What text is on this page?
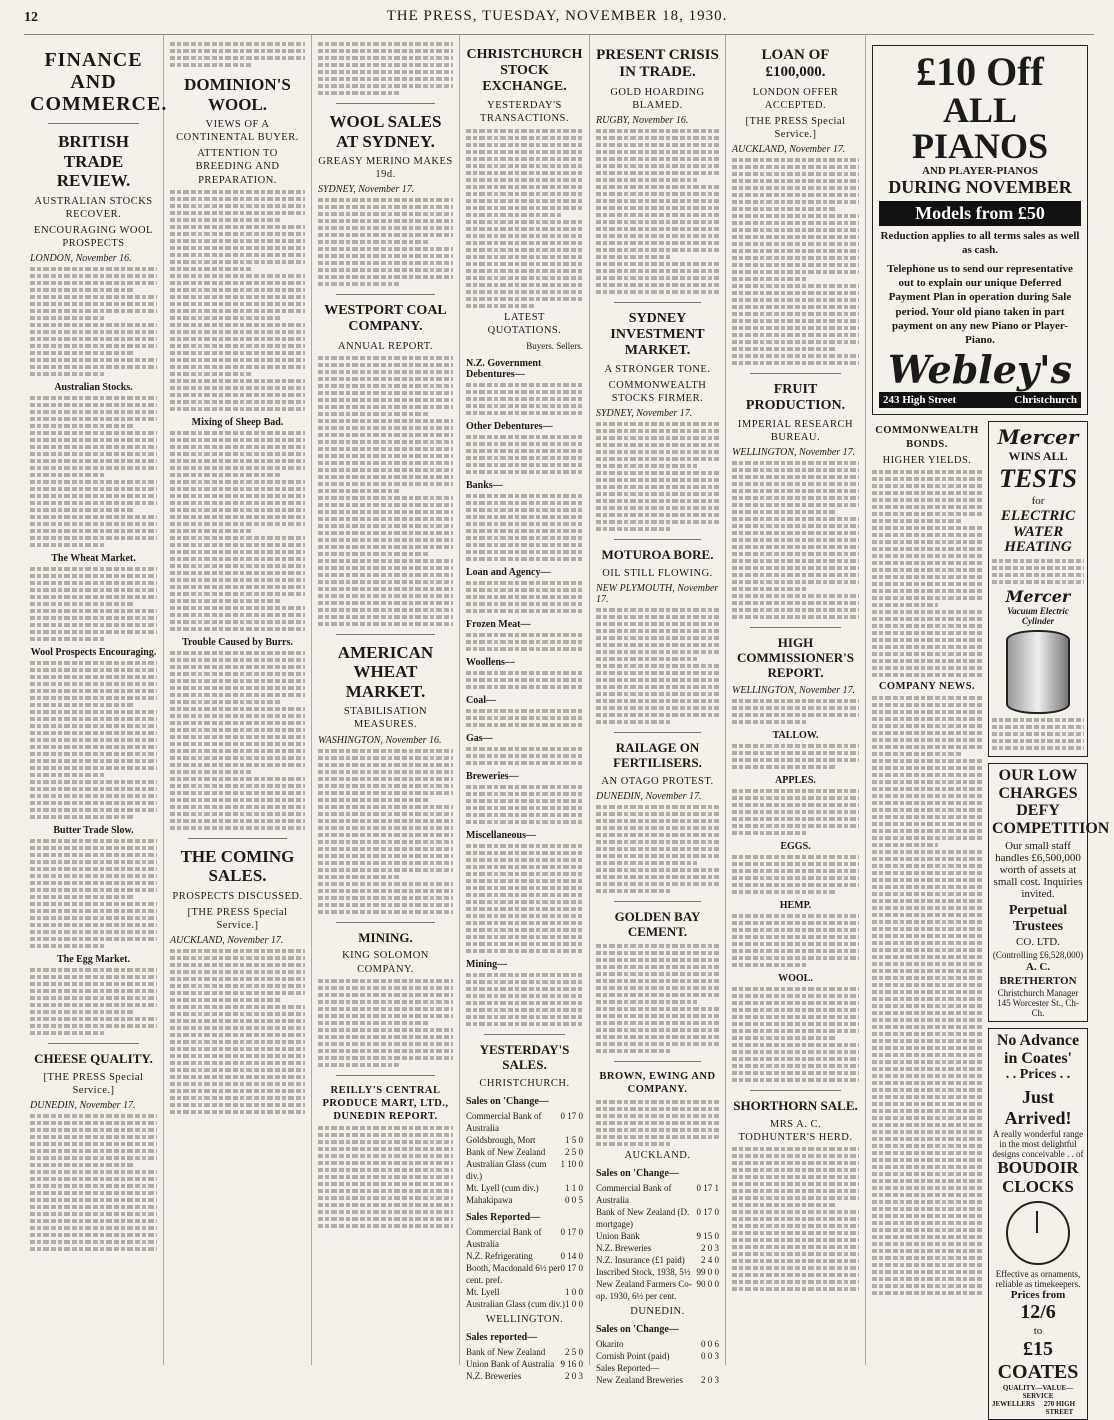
12	THE PRESS, TUESDAY, NOVEMBER 18, 1930.
FINANCE AND COMMERCE.
BRITISH TRADE REVIEW.
AUSTRALIAN STOCKS RECOVER.
ENCOURAGING WOOL PROSPECTS
LONDON, November 16.
Australian Stocks.
The Wheat Market.
Wool Prospects Encouraging.
Butter Trade Slow.
The Egg Market.
CHEESE QUALITY.
[THE PRESS Special Service.]
DUNEDIN, November 17.
DOMINION'S WOOL.
VIEWS OF A CONTINENTAL BUYER.
ATTENTION TO BREEDING AND PREPARATION.
Mixing of Sheep Bad.
Trouble Caused by Burrs.
THE COMING SALES.
PROSPECTS DISCUSSED.
[THE PRESS Special Service.]
AUCKLAND, November 17.
WOOL SALES AT SYDNEY.
GREASY MERINO MAKES 19d.
SYDNEY, November 17.
WESTPORT COAL COMPANY.
ANNUAL REPORT.
AMERICAN WHEAT MARKET.
STABILISATION MEASURES.
WASHINGTON, November 16.
MINING.
KING SOLOMON COMPANY.
REILLY'S CENTRAL PRODUCE MART, LTD., DUNEDIN REPORT.
CHRISTCHURCH STOCK EXCHANGE.
YESTERDAY'S TRANSACTIONS.
LATEST QUOTATIONS.
Buyers. Sellers.
N.Z. Government Debentures—
Other Debentures—
Banks—
Loan and Agency—
Frozen Meat—
Woollens—
Coal—
Gas—
Breweries—
Miscellaneous—
Mining—
YESTERDAY'S SALES.
CHRISTCHURCH.
Sales on 'Change—
Commercial Bank of Australia
0 17 0
Goldsbrough, Mort	1 5 0
Bank of New Zealand 2 5 0
Australian Glass (cum div.)
1 10 0
Mt. Lyell (cum div.)	1 1 0
Mahakipawa	0 0 5
Sales Reported—
Commercial Bank of Australia
0 17 0
N.Z. Refrigerating	0 14 0
Booth, Macdonald 6½ per cent. pref.
0 17 0
Mt. Lyell	1 0 0
Australian Glass (cum div.) 1 0 0
WELLINGTON.
Sales reported—
Bank of New Zealand 2 5 0
Union Bank of Australia 9 16 0
N.Z. Breweries	2 0 3
PRESENT CRISIS IN TRADE.
GOLD HOARDING BLAMED.
RUGBY, November 16.
SYDNEY INVESTMENT MARKET.
A STRONGER TONE.
COMMONWEALTH STOCKS FIRMER.
SYDNEY, November 17.
MOTUROA BORE.
OIL STILL FLOWING.
NEW PLYMOUTH, November 17.
RAILAGE ON FERTILISERS.
AN OTAGO PROTEST.
DUNEDIN, November 17.
GOLDEN BAY CEMENT.
BROWN, EWING AND COMPANY.
AUCKLAND.
Sales on 'Change—
Commercial Bank of Australia
0 17 1
Bank of New Zealand (D. mortgage)
0 17 0
Union Bank	9 15 0
N.Z. Breweries	2 0 3
N.Z. Insurance (£1 paid) 2 4 0
Inscribed Stock, 1938, 5½ 99 0 0
New Zealand Farmers Co-op. 1930, 6½ per cent.
90 0 0
DUNEDIN.
Sales on 'Change—
Okarito	0 0 6
Cornish Point (paid)	0 0 3
Sales Reported—
New Zealand Breweries 2 0 3
LOAN OF £100,000.
LONDON OFFER ACCEPTED.
[THE PRESS Special Service.]
AUCKLAND, November 17.
FRUIT PRODUCTION.
IMPERIAL RESEARCH BUREAU.
WELLINGTON, November 17.
HIGH COMMISSIONER'S REPORT.
WELLINGTON, November 17.
TALLOW.
APPLES.
EGGS.
HEMP.
WOOL.
SHORTHORN SALE.
MRS A. C. TODHUNTER'S HERD.
£10 Off
ALL PIANOS
AND PLAYER-PIANOS
DURING NOVEMBER
Models from £50
Reduction applies to all terms sales as well as cash.
Telephone us to send our representative out to explain our unique Deferred Payment Plan in operation during Sale period. Your old piano taken in part payment on any new Piano or Player-Piano.
Webley's
243 High Street	Christchurch
COMMONWEALTH BONDS.
HIGHER YIELDS.
COMPANY NEWS.
Mercer
WINS ALL
TESTS
for
ELECTRIC WATER HEATING
Mercer
Vacuum Electric Cylinder
OUR LOW CHARGES DEFY COMPETITION
Our small staff handles £6,500,000 worth of assets at small cost. Inquiries invited.
Perpetual Trustees
CO. LTD.
(Controlling £6,528,000)
A. C. BRETHERTON
Christchurch Manager
145 Worcester St., Ch-Ch.
No Advance in Coates'
. . Prices . .
Just Arrived!
A really wonderful range in the most delightful designs conceivable . . of
BOUDOIR CLOCKS
Effective as ornaments, reliable as timekeepers.
Prices from
12/6
to
£15
COATES
QUALITY—VALUE—SERVICE
JEWELLERS	270 HIGH STREET
